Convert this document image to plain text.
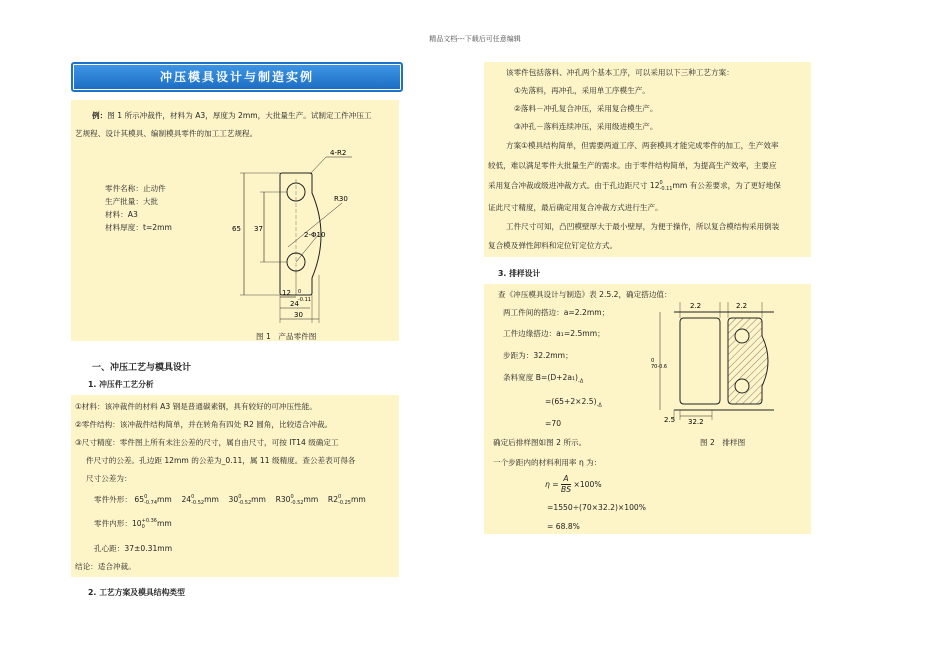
精品文档---下载后可任意编辑
冲压模具设计与制造实例
例：图 1 所示冲裁件，材料为 A3，厚度为 2mm，大批量生产。试制定工件冲压工
艺规程、设计其模具、编制模具零件的加工工艺规程。
零件名称：止动件
生产批量：大批
材料：A3
材料厚度：t=2mm
4-R2
R30
2-Φ10
65 37
12 0
-0.11
24
30
图 1　产品零件图
一、冲压工艺与模具设计
1. 冲压件工艺分析
①材料：该冲裁件的材料 A3 钢是普通碳素钢，具有较好的可冲压性能。
②零件结构：该冲裁件结构简单，并在转角有四处 R2 圆角，比较适合冲裁。
③尺寸精度：零件图上所有未注公差的尺寸，属自由尺寸，可按 IT14 级确定工
件尺寸的公差。孔边距 12mm 的公差为_0.11，属 11 级精度。查公差表可得各
尺寸公差为：
零件外形： 65 0
-0.74 mm 24 0
-0.52 mm 30 0
-0.52 mm R30 0
-0.52 mm R2 0
-0.25 mm
零件内形：10 +0.36
0	mm
孔心距：37±0.31mm
结论：适合冲裁。
2. 工艺方案及模具结构类型
该零件包括落料、冲孔两个基本工序，可以采用以下三种工艺方案：
①先落料，再冲孔，采用单工序模生产。
②落料－冲孔复合冲压，采用复合模生产。
③冲孔－落料连续冲压，采用级进模生产。
方案①模具结构简单，但需要两道工序、两套模具才能完成零件的加工，生产效率
较低，难以满足零件大批量生产的需求。由于零件结构简单，为提高生产效率，主要应
采用复合冲裁或级进冲裁方式。由于孔边距尺寸 12 0
-0.11 mm 有公差要求，为了更好地保
证此尺寸精度，最后确定用复合冲裁方式进行生产。
工件尺寸可知，凸凹模壁厚大于最小壁厚，为便于操作，所以复合模结构采用倒装
复合模及弹性卸料和定位钉定位方式。
3. 排样设计
查《冲压模具设计与制造》表 2.5.2，确定搭边值：
两工件间的搭边：a=2.2mm；
工件边缘搭边：a₁=2.5mm；
步距为：32.2mm；
条料宽度 $B=(D+2a_1)_{-\Delta}$
$=(65+2\times 2.5)_{-\Delta}$
=70
确定后排样图如图 2 所示。	图 2　排样图
一个步距内的材料利用率 η 为：
$\eta = \frac{A}{BS} \times 100\%$
=1550÷(70×32.2)×100%
= 68.8%
2.2	2.2
0
70-0.6
2.5 32.2
